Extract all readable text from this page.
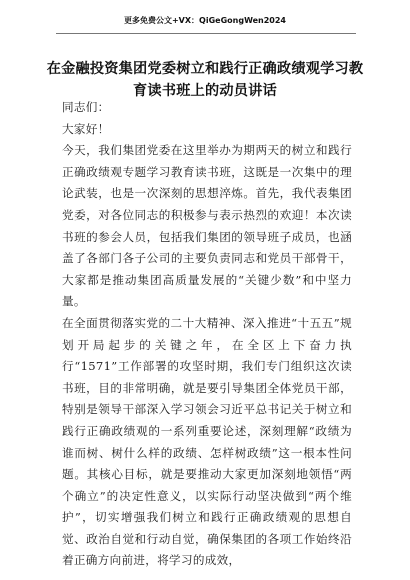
更多免费公文+VX：QiGeGongWen2024
在金融投资集团党委树立和践行正确政绩观学习教育读书班上的动员讲话

同志们：

大家好！

今天，我们集团党委在这里举办为期两天的树立和践行正确政绩观专题学习教育读书班，这既是一次集中的理论武装，也是一次深刻的思想淬炼。首先，我代表集团党委，对各位同志的积极参与表示热烈的欢迎！本次读书班的参会人员，包括我们集团的领导班子成员，也涵盖了各部门各子公司的主要负责同志和党员干部骨干，大家都是推动集团高质量发展的“关键少数”和中坚力量。

在全面贯彻落实党的二十大精神、深入推进“十五五”规划开局起步的关键之年，在全区上下奋力执行“1571”工作部署的攻坚时期，我们专门组织这次读书班，目的非常明确，就是要引导集团全体党员干部，特别是领导干部深入学习领会习近平总书记关于树立和践行正确政绩观的一系列重要论述，深刻理解“政绩为谁而树、树什么样的政绩、怎样树政绩”这一根本性问题。其核心目标，就是要推动大家更加深刻地领悟“两个确立”的决定性意义，以实际行动坚决做到“两个维护”，切实增强我们树立和践行正确政绩观的思想自觉、政治自觉和行动自觉，确保集团的各项工作始终沿着正确方向前进，将学习的成效，
